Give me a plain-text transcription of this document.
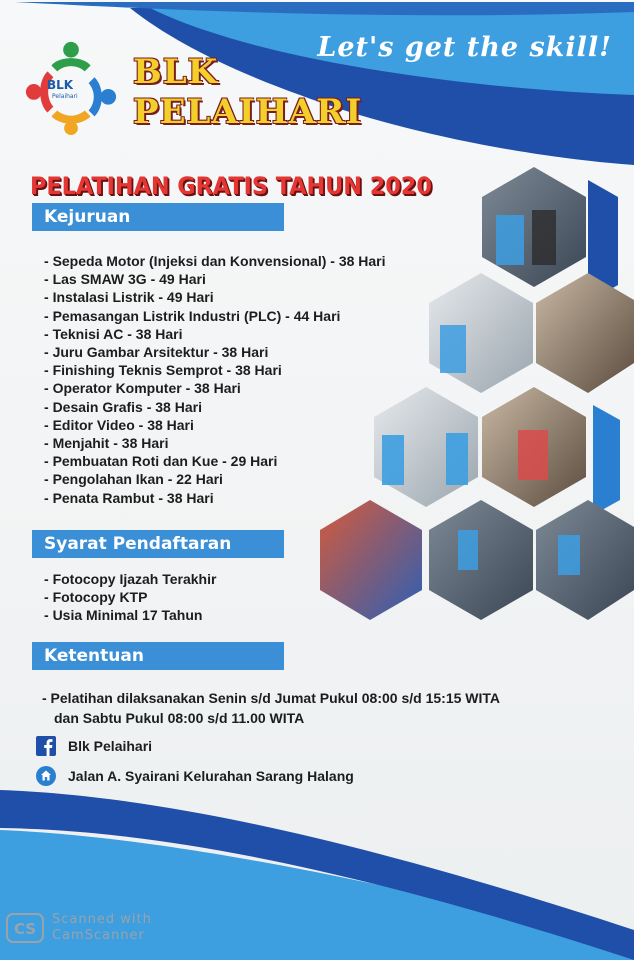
Let's get the skill!
BLK
Pelaihari
BLK
PELAIHARI
PELATIHAN GRATIS TAHUN 2020
Kejuruan
- Sepeda Motor (Injeksi dan Konvensional) - 38 Hari
- Las SMAW 3G - 49 Hari
- Instalasi Listrik - 49 Hari
- Pemasangan Listrik Industri (PLC) - 44 Hari
- Teknisi AC - 38 Hari
- Juru Gambar Arsitektur - 38 Hari
- Finishing Teknis Semprot - 38 Hari
- Operator Komputer - 38 Hari
- Desain Grafis - 38 Hari
- Editor Video - 38 Hari
- Menjahit - 38 Hari
- Pembuatan Roti dan Kue - 29 Hari
- Pengolahan Ikan - 22 Hari
- Penata Rambut - 38 Hari
Syarat Pendaftaran
- Fotocopy Ijazah Terakhir
- Fotocopy KTP
- Usia Minimal 17 Tahun
Ketentuan
- Pelatihan dilaksanakan Senin s/d Jumat Pukul 08:00 s/d 15:15 WITA
dan Sabtu Pukul 08:00 s/d 11.00 WITA
Blk Pelaihari
Jalan A. Syairani Kelurahan Sarang Halang
CS
Scanned with
CamScanner
